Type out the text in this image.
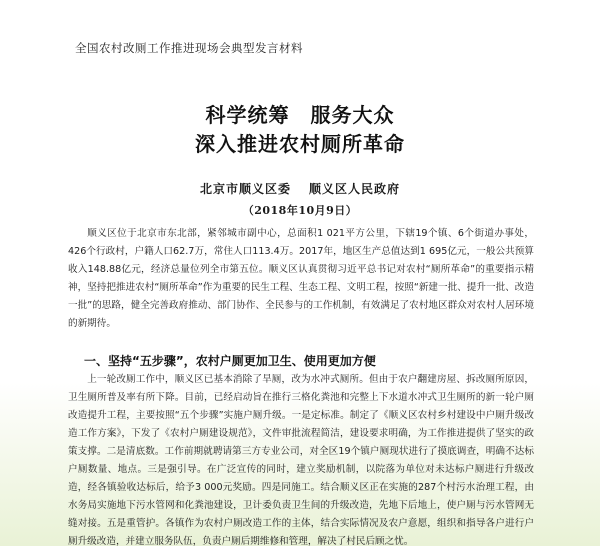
全国农村改厕工作推进现场会典型发言材料
科学统筹　服务大众
深入推进农村厕所革命
北京市顺义区委 顺义区人民政府
（2018年10月9日）
顺义区位于北京市东北部，紧邻城市副中心，总面积1 021平方公里，下辖19个镇、6个街道办事处，426个行政村，户籍人口62.7万，常住人口113.4万。2017年，地区生产总值达到1 695亿元，一般公共预算收入148.88亿元，经济总量位列全市第五位。顺义区认真贯彻习近平总书记对农村“厕所革命”的重要指示精神，坚持把推进农村“厕所革命”作为重要的民生工程、生态工程、文明工程，按照“新建一批、提升一批、改造一批”的思路，健全完善政府推动、部门协作、全民参与的工作机制，有效满足了农村地区群众对农村人居环境的新期待。
一、坚持“五步骤”，农村户厕更加卫生、使用更加方便
上一轮改厕工作中，顺义区已基本消除了旱厕，改为水冲式厕所。但由于农户翻建房屋、拆改厕所原因，卫生厕所普及率有所下降。目前，已经启动旨在推行三格化粪池和完整上下水道水冲式卫生厕所的新一轮户厕改造提升工程，主要按照“五个步骤”实施户厕升级。一是定标准。制定了《顺义区农村乡村建设中户厕升级改造工作方案》，下发了《农村户厕建设规范》，文件审批流程简洁，建设要求明确，为工作推进提供了坚实的政策支撑。二是清底数。工作前期就聘请第三方专业公司，对全区19个镇户厕现状进行了摸底调查，明确不达标户厕数量、地点。三是强引导。在广泛宣传的同时，建立奖励机制，以院落为单位对未达标户厕进行升级改造，经各镇验收达标后，给予3 000元奖励。四是同施工。结合顺义区正在实施的287个村污水治理工程，由水务局实施地下污水管网和化粪池建设，卫计委负责卫生间的升级改造，先地下后地上，使户厕与污水管网无缝对接。五是重管护。各镇作为农村户厕改造工作的主体，结合实际情况及农户意愿，组织和指导各户进行户厕升级改造，并建立服务队伍，负责户厕后期维修和管理，解决了村民后顾之忧。
